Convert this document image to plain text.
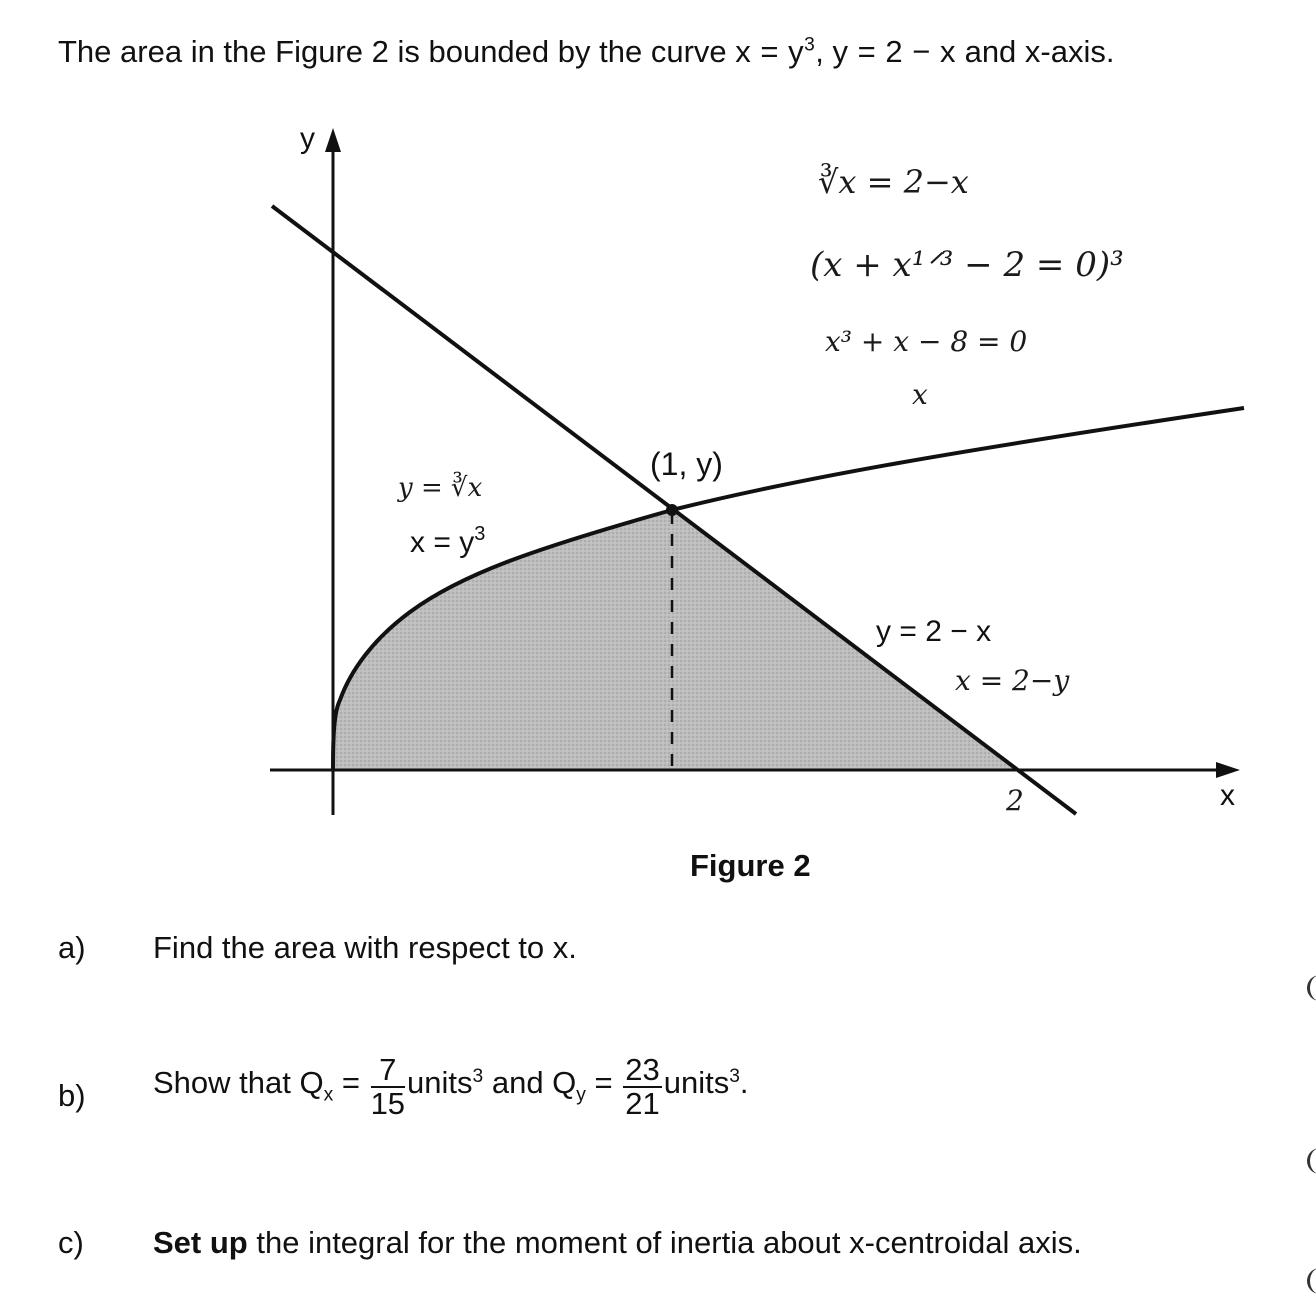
The area in the Figure 2 is bounded by the curve $x = y^3$, y = 2 − x and x-axis.
y
x
(1, y)
$x = y^3$
y = 2 − x
∛x = 2−x
(x + x¹ᐟ³ − 2 = 0)³
x³ + x − 8 = 0
x
y = ∛x
x = 2−y
2
Figure 2
a) Find the area with respect to x.
b) Show that $Q_x = \frac{7}{15}$ units$^3$ and $Q_y = \frac{23}{21}$ units$^3$.
c) Set up the integral for the moment of inertia about x-centroidal axis.
